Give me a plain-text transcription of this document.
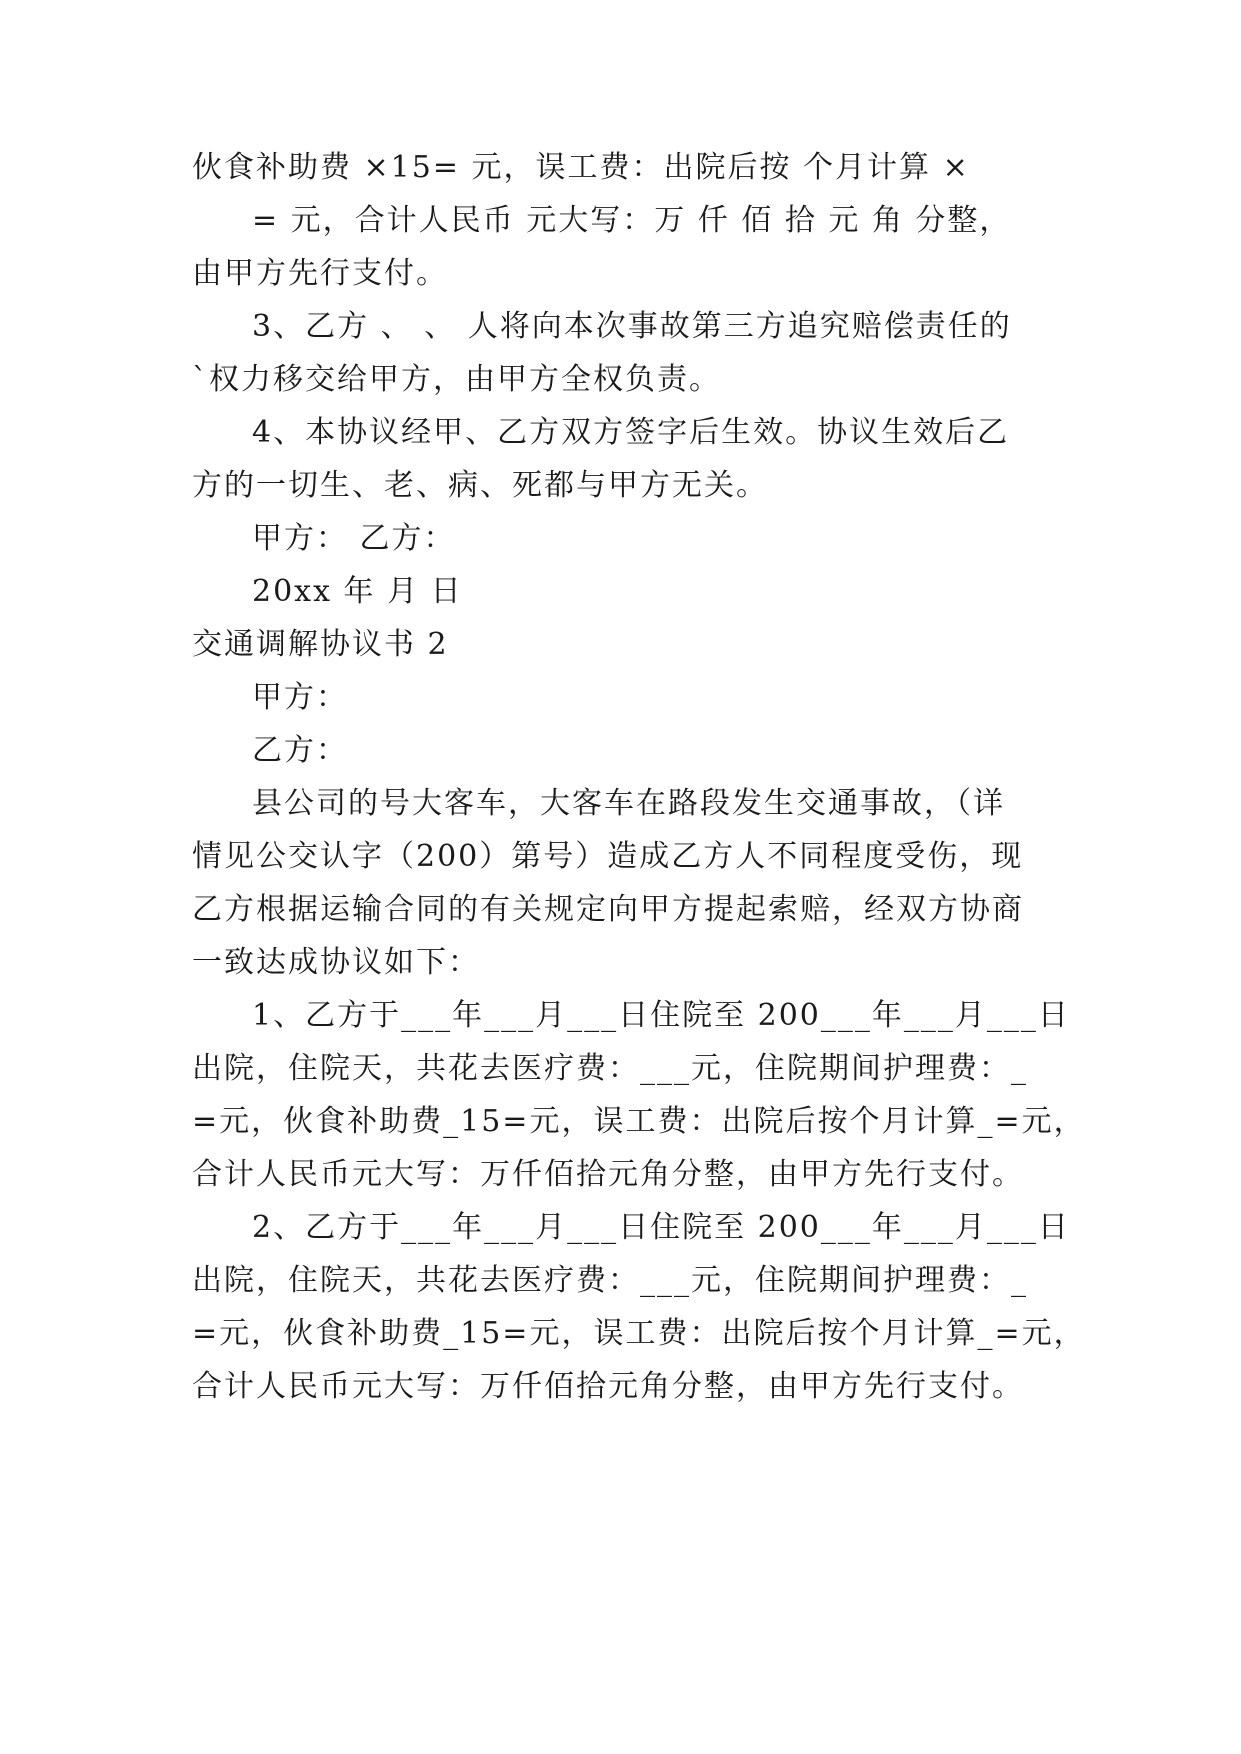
伙食补助费 ×15= 元，误工费：出院后按 个月计算 ×
= 元，合计人民币 元大写：万 仟 佰 拾 元 角 分整，
由甲方先行支付。
3、乙方 、 、 人将向本次事故第三方追究赔偿责任的
`权力移交给甲方，由甲方全权负责。
4、本协议经甲、乙方双方签字后生效。协议生效后乙
方的一切生、老、病、死都与甲方无关。
甲方： 乙方：
20xx 年 月 日
交通调解协议书 2
甲方：
乙方：
县公司的号大客车，大客车在路段发生交通事故，（详
情见公交认字（200）第号）造成乙方人不同程度受伤，现
乙方根据运输合同的有关规定向甲方提起索赔，经双方协商
一致达成协议如下：
1、乙方于___年___月___日住院至 200___年___月___日
出院，住院天，共花去医疗费：___元，住院期间护理费：_
=元，伙食补助费_15=元，误工费：出院后按个月计算_=元，
合计人民币元大写：万仟佰拾元角分整，由甲方先行支付。
2、乙方于___年___月___日住院至 200___年___月___日
出院，住院天，共花去医疗费：___元，住院期间护理费：_
=元，伙食补助费_15=元，误工费：出院后按个月计算_=元，
合计人民币元大写：万仟佰拾元角分整，由甲方先行支付。
